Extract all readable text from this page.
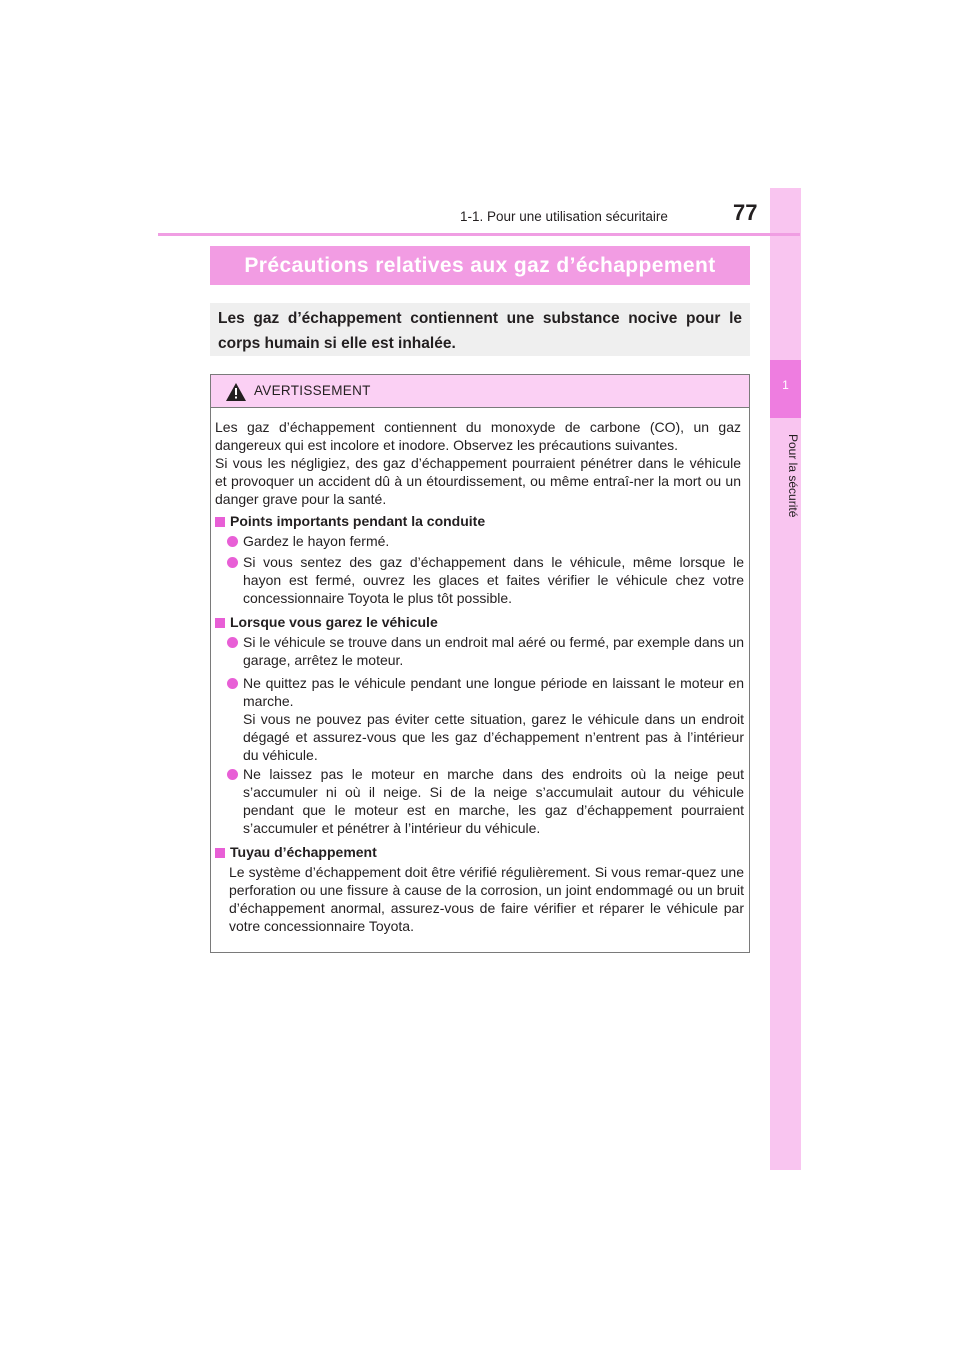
1
Pour la sécurité
1-1. Pour une utilisation sécuritaire	77
Précautions relatives aux gaz d’échappement
Les gaz d’échappement contiennent une substance nocive pour le corps humain si elle est inhalée.
AVERTISSEMENT

Les gaz d’échappement contiennent du monoxyde de carbone (CO), un gaz dangereux qui est incolore et inodore. Observez les précautions suivantes.

Si vous les négligiez, des gaz d’échappement pourraient pénétrer dans le véhicule et provoquer un accident dû à un étourdissement, ou même entraî-ner la mort ou un danger grave pour la santé.

Points importants pendant la conduite
Gardez le hayon fermé.
Si vous sentez des gaz d’échappement dans le véhicule, même lorsque le hayon est fermé, ouvrez les glaces et faites vérifier le véhicule chez votre concessionnaire Toyota le plus tôt possible.
Lorsque vous garez le véhicule
Si le véhicule se trouve dans un endroit mal aéré ou fermé, par exemple dans un garage, arrêtez le moteur.
Ne quittez pas le véhicule pendant une longue période en laissant le moteur en marche.
Si vous ne pouvez pas éviter cette situation, garez le véhicule dans un endroit dégagé et assurez-vous que les gaz d’échappement n’entrent pas à l’intérieur du véhicule.
Ne laissez pas le moteur en marche dans des endroits où la neige peut s’accumuler ni où il neige. Si de la neige s’accumulait autour du véhicule pendant que le moteur est en marche, les gaz d’échappement pourraient s’accumuler et pénétrer à l’intérieur du véhicule.
Tuyau d’échappement
Le système d’échappement doit être vérifié régulièrement. Si vous remar-quez une perforation ou une fissure à cause de la corrosion, un joint endommagé ou un bruit d’échappement anormal, assurez-vous de faire vérifier et réparer le véhicule par votre concessionnaire Toyota.
